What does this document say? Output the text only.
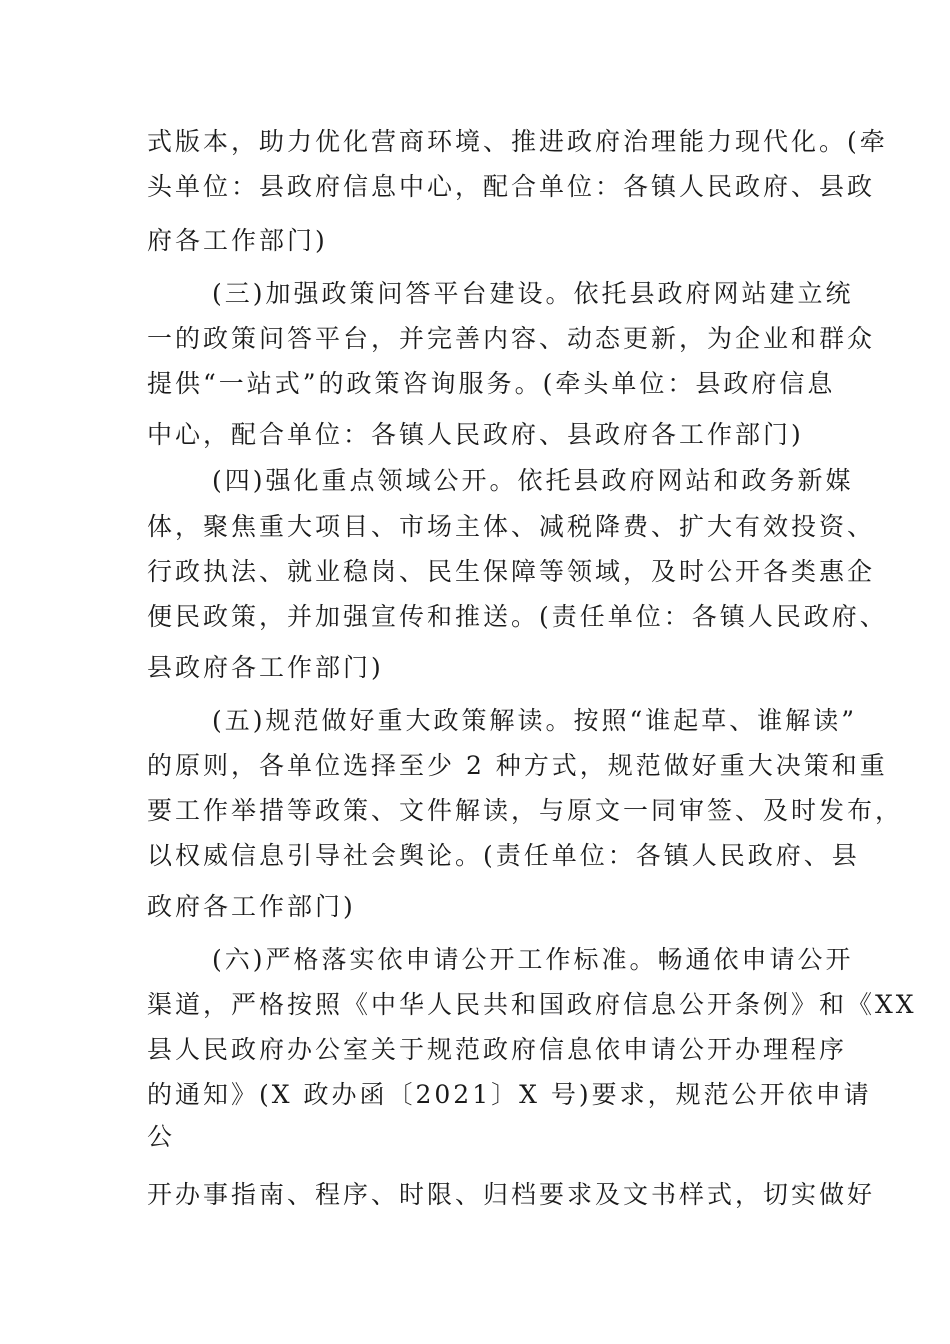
式版本，助力优化营商环境、推进政府治理能力现代化。(牵
头单位：县政府信息中心，配合单位：各镇人民政府、县政
府各工作部门)
(三)加强政策问答平台建设。依托县政府网站建立统
一的政策问答平台，并完善内容、动态更新，为企业和群众
提供“一站式”的政策咨询服务。(牵头单位：县政府信息
中心，配合单位：各镇人民政府、县政府各工作部门)
(四)强化重点领域公开。依托县政府网站和政务新媒
体，聚焦重大项目、市场主体、减税降费、扩大有效投资、
行政执法、就业稳岗、民生保障等领域，及时公开各类惠企
便民政策，并加强宣传和推送。(责任单位：各镇人民政府、
县政府各工作部门)
(五)规范做好重大政策解读。按照“谁起草、谁解读”
的原则，各单位选择至少 2 种方式，规范做好重大决策和重
要工作举措等政策、文件解读，与原文一同审签、及时发布，
以权威信息引导社会舆论。(责任单位：各镇人民政府、县
政府各工作部门)
(六)严格落实依申请公开工作标准。畅通依申请公开
渠道，严格按照《中华人民共和国政府信息公开条例》和《XX
县人民政府办公室关于规范政府信息依申请公开办理程序
的通知》(X 政办函〔2021〕X 号)要求，规范公开依申请
公
开办事指南、程序、时限、归档要求及文书样式，切实做好
